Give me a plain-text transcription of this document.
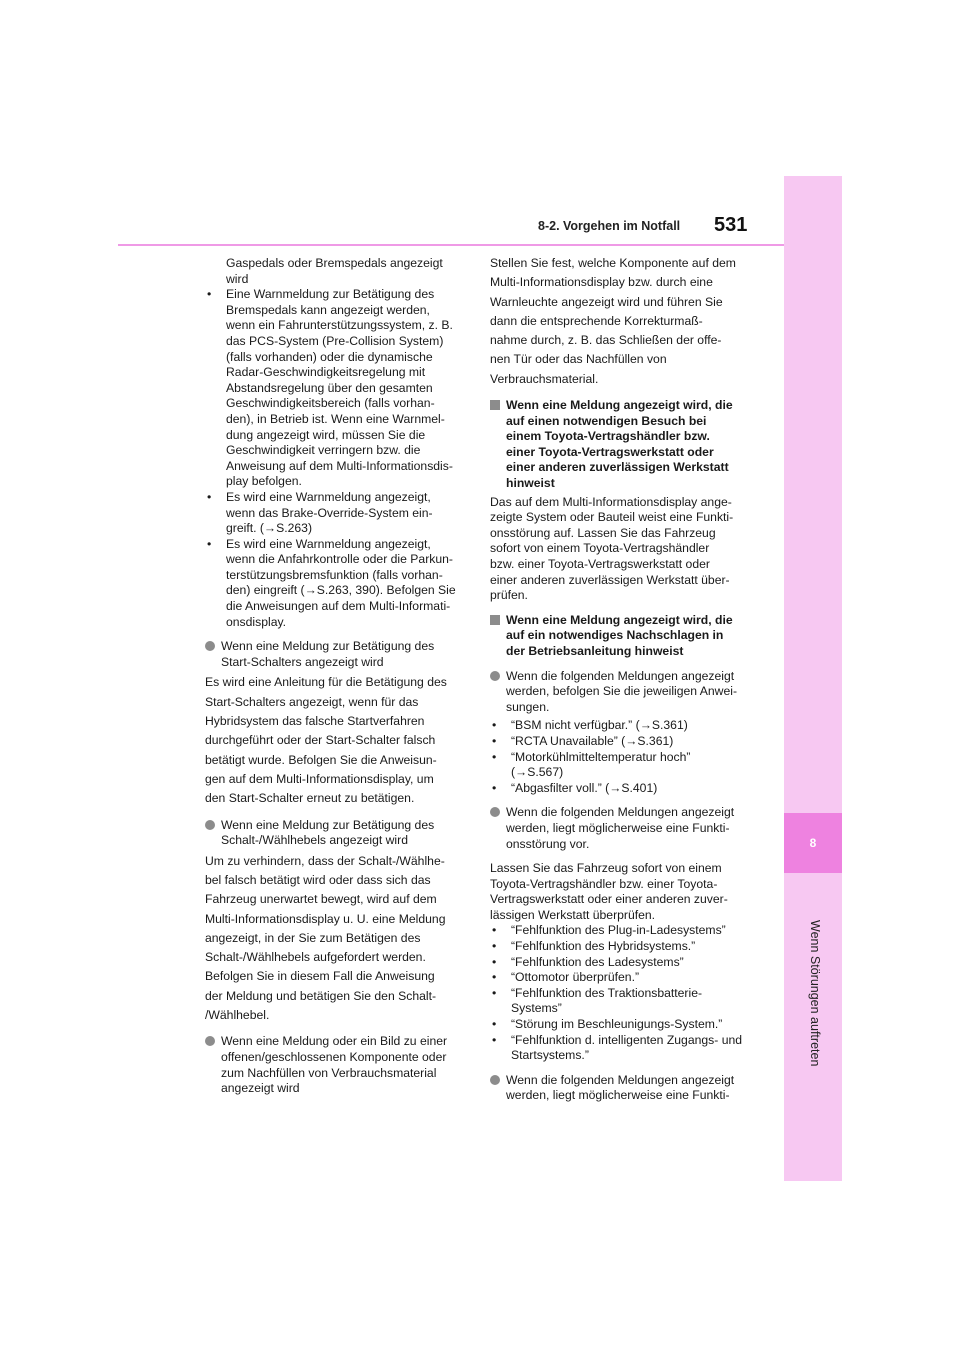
8
Wenn Störungen auftreten
8-2. Vorgehen im Notfall 531
Gaspedals oder Bremspedals angezeigt
wird
• Eine Warnmeldung zur Betätigung des
Bremspedals kann angezeigt werden,
wenn ein Fahrunterstützungssystem, z. B.
das PCS-System (Pre-Collision System)
(falls vorhanden) oder die dynamische
Radar-Geschwindigkeitsregelung mit
Abstandsregelung über den gesamten
Geschwindigkeitsbereich (falls vorhan-
den), in Betrieb ist. Wenn eine Warnmel-
dung angezeigt wird, müssen Sie die
Geschwindigkeit verringern bzw. die
Anweisung auf dem Multi-Informationsdis-
play befolgen.
• Es wird eine Warnmeldung angezeigt,
wenn das Brake-Override-System ein-
greift. (→S.263)
• Es wird eine Warnmeldung angezeigt,
wenn die Anfahrkontrolle oder die Parkun-
terstützungsbremsfunktion (falls vorhan-
den) eingreift (→S.263, 390). Befolgen Sie
die Anweisungen auf dem Multi-Informati-
onsdisplay.
Wenn eine Meldung zur Betätigung des
Start-Schalters angezeigt wird
Es wird eine Anleitung für die Betätigung des
Start-Schalters angezeigt, wenn für das
Hybridsystem das falsche Startverfahren
durchgeführt oder der Start-Schalter falsch
betätigt wurde. Befolgen Sie die Anweisun-
gen auf dem Multi-Informationsdisplay, um
den Start-Schalter erneut zu betätigen.
Wenn eine Meldung zur Betätigung des
Schalt-/Wählhebels angezeigt wird
Um zu verhindern, dass der Schalt-/Wählhe-
bel falsch betätigt wird oder dass sich das
Fahrzeug unerwartet bewegt, wird auf dem
Multi-Informationsdisplay u. U. eine Meldung
angezeigt, in der Sie zum Betätigen des
Schalt-/Wählhebels aufgefordert werden.
Befolgen Sie in diesem Fall die Anweisung
der Meldung und betätigen Sie den Schalt-
/Wählhebel.
Wenn eine Meldung oder ein Bild zu einer
offenen/geschlossenen Komponente oder
zum Nachfüllen von Verbrauchsmaterial
angezeigt wird
Stellen Sie fest, welche Komponente auf dem
Multi-Informationsdisplay bzw. durch eine
Warnleuchte angezeigt wird und führen Sie
dann die entsprechende Korrekturmaß-
nahme durch, z. B. das Schließen der offe-
nen Tür oder das Nachfüllen von
Verbrauchsmaterial.
Wenn eine Meldung angezeigt wird, die
auf einen notwendigen Besuch bei
einem Toyota-Vertragshändler bzw.
einer Toyota-Vertragswerkstatt oder
einer anderen zuverlässigen Werkstatt
hinweist
Das auf dem Multi-Informationsdisplay ange-
zeigte System oder Bauteil weist eine Funkti-
onsstörung auf. Lassen Sie das Fahrzeug
sofort von einem Toyota-Vertragshändler
bzw. einer Toyota-Vertragswerkstatt oder
einer anderen zuverlässigen Werkstatt über-
prüfen.
Wenn eine Meldung angezeigt wird, die
auf ein notwendiges Nachschlagen in
der Betriebsanleitung hinweist
Wenn die folgenden Meldungen angezeigt
werden, befolgen Sie die jeweiligen Anwei-
sungen.
• “BSM nicht verfügbar.” (→S.361)
• “RCTA Unavailable” (→S.361)
• “Motorkühlmitteltemperatur hoch”
(→S.567)
• “Abgasfilter voll.” (→S.401)
Wenn die folgenden Meldungen angezeigt
werden, liegt möglicherweise eine Funkti-
onsstörung vor.
Lassen Sie das Fahrzeug sofort von einem
Toyota-Vertragshändler bzw. einer Toyota-
Vertragswerkstatt oder einer anderen zuver-
lässigen Werkstatt überprüfen.
• “Fehlfunktion des Plug-in-Ladesystems”
• “Fehlfunktion des Hybridsystems.”
• “Fehlfunktion des Ladesystems”
• “Ottomotor überprüfen.”
• “Fehlfunktion des Traktionsbatterie-
Systems”
• “Störung im Beschleunigungs-System.”
• “Fehlfunktion d. intelligenten Zugangs- und
Startsystems.”
Wenn die folgenden Meldungen angezeigt
werden, liegt möglicherweise eine Funkti-
